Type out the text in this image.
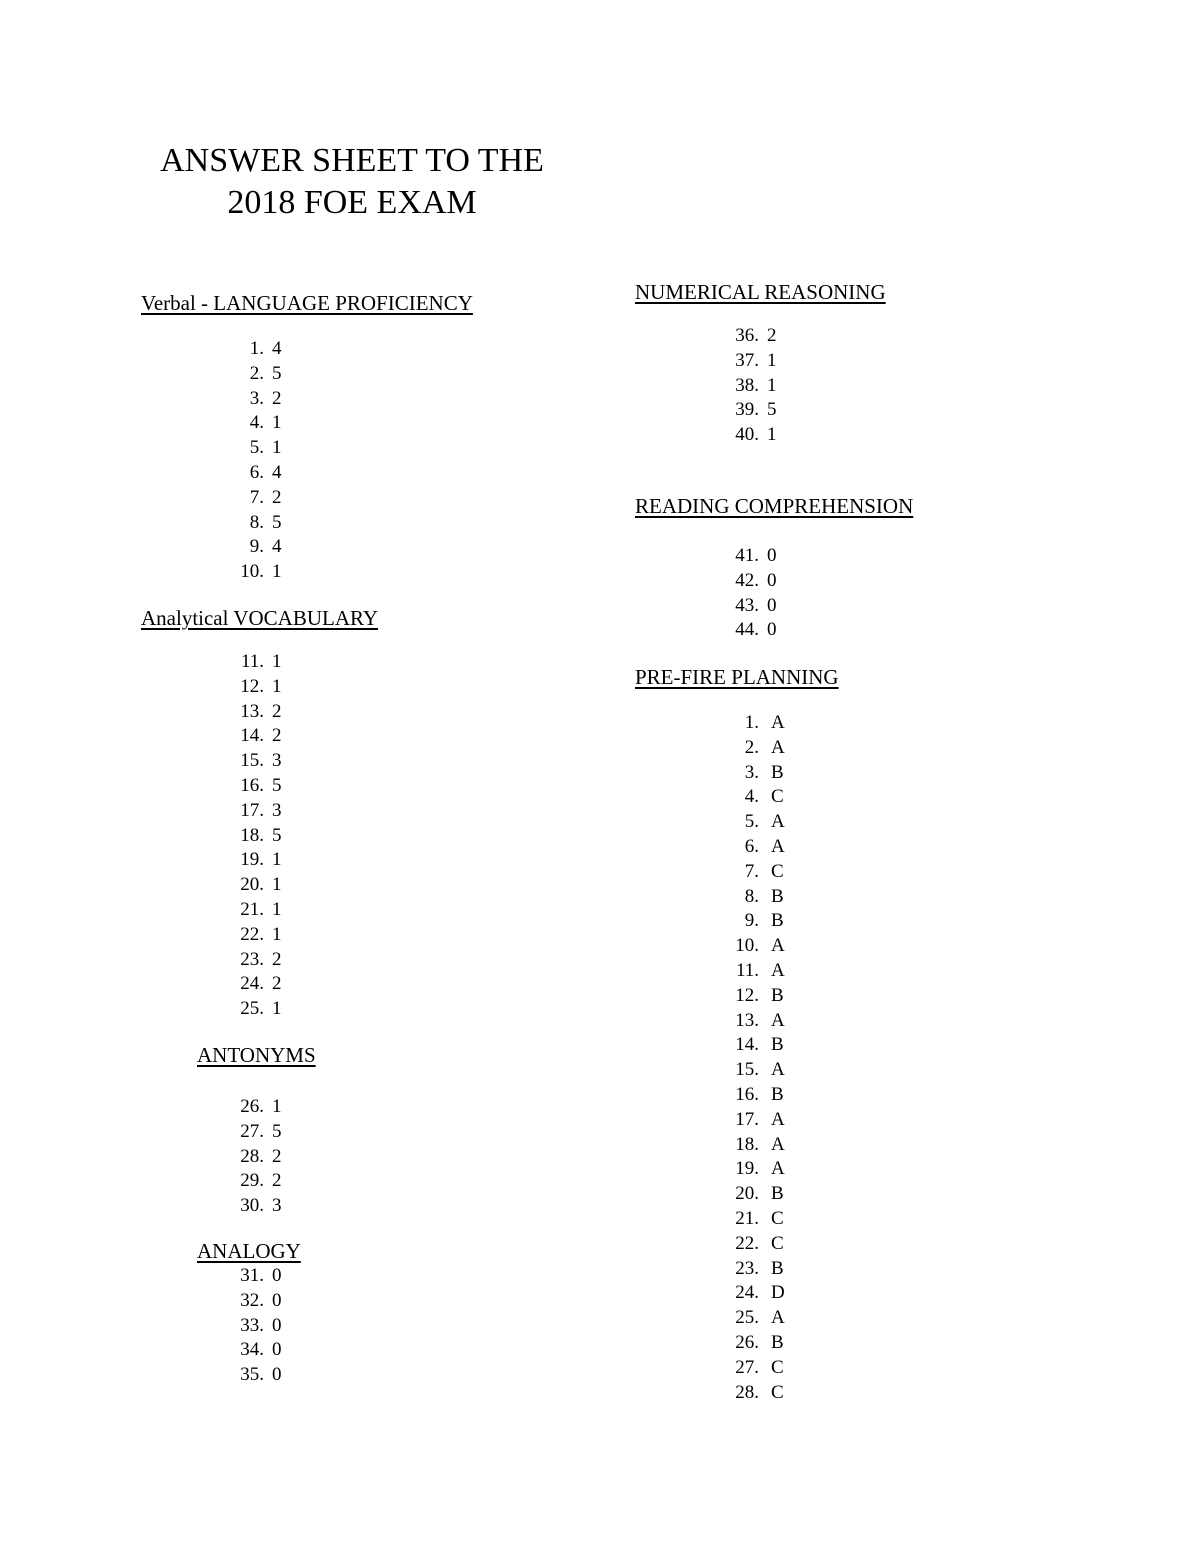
ANSWER SHEET TO THE
2018 FOE EXAM
Verbal - LANGUAGE PROFICIENCY
1. 4
2. 5
3. 2
4. 1
5. 1
6. 4
7. 2
8. 5
9. 4
10. 1
Analytical VOCABULARY
11. 1
12. 1
13. 2
14. 2
15. 3
16. 5
17. 3
18. 5
19. 1
20. 1
21. 1
22. 1
23. 2
24. 2
25. 1
ANTONYMS
26. 1
27. 5
28. 2
29. 2
30. 3
ANALOGY
31. 0
32. 0
33. 0
34. 0
35. 0
NUMERICAL REASONING
36. 2
37. 1
38. 1
39. 5
40. 1
READING COMPREHENSION
41. 0
42. 0
43. 0
44. 0
PRE-FIRE PLANNING
1. A
2. A
3. B
4. C
5. A
6. A
7. C
8. B
9. B
10. A
11. A
12. B
13. A
14. B
15. A
16. B
17. A
18. A
19. A
20. B
21. C
22. C
23. B
24. D
25. A
26. B
27. C
28. C
